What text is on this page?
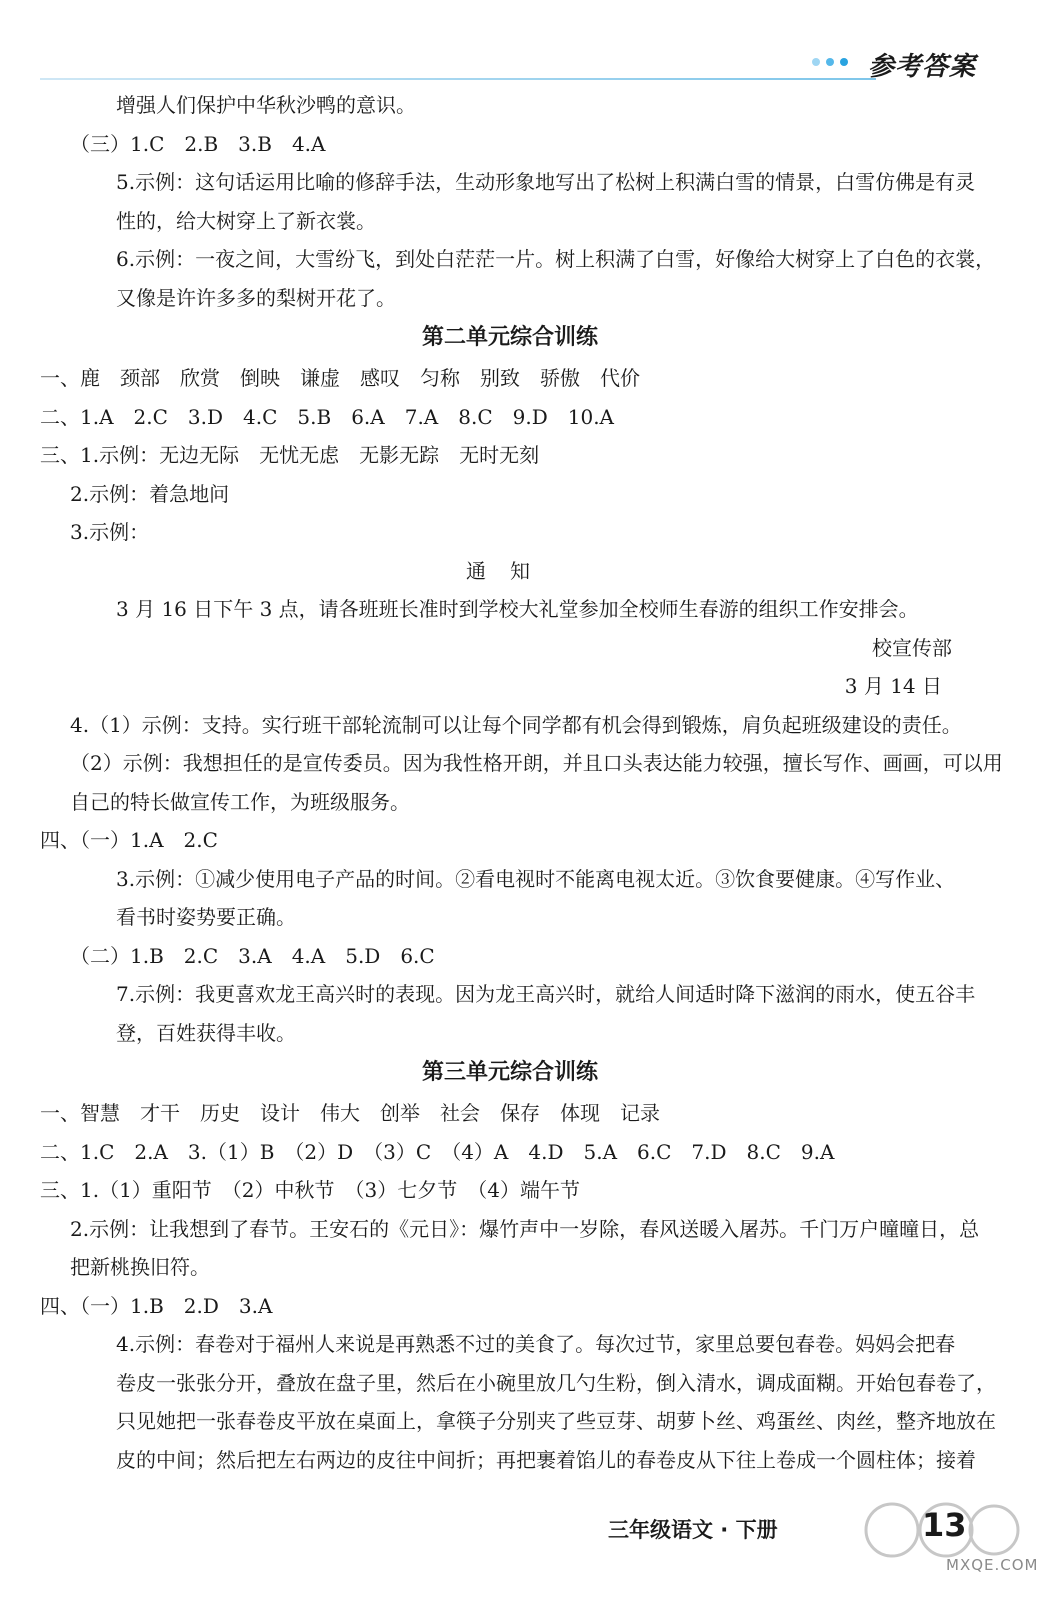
参考答案
增强人们保护中华秋沙鸭的意识。
（三）1.C　2.B　3.B　4.A
5.示例：这句话运用比喻的修辞手法，生动形象地写出了松树上积满白雪的情景，白雪仿佛是有灵
性的，给大树穿上了新衣裳。
6.示例：一夜之间，大雪纷飞，到处白茫茫一片。树上积满了白雪，好像给大树穿上了白色的衣裳，
又像是许许多多的梨树开花了。
第二单元综合训练
一、鹿　颈部　欣赏　倒映　谦虚　感叹　匀称　别致　骄傲　代价
二、1.A　2.C　3.D　4.C　5.B　6.A　7.A　8.C　9.D　10.A
三、1.示例：无边无际　无忧无虑　无影无踪　无时无刻
2.示例：着急地问
3.示例：
通知
3 月 16 日下午 3 点，请各班班长准时到学校大礼堂参加全校师生春游的组织工作安排会。
校宣传部
3 月 14 日
4.（1）示例：支持。实行班干部轮流制可以让每个同学都有机会得到锻炼，肩负起班级建设的责任。
（2）示例：我想担任的是宣传委员。因为我性格开朗，并且口头表达能力较强，擅长写作、画画，可以用
自己的特长做宣传工作，为班级服务。
四、（一）1.A　2.C
3.示例：①减少使用电子产品的时间。②看电视时不能离电视太近。③饮食要健康。④写作业、
看书时姿势要正确。
（二）1.B　2.C　3.A　4.A　5.D　6.C
7.示例：我更喜欢龙王高兴时的表现。因为龙王高兴时，就给人间适时降下滋润的雨水，使五谷丰
登，百姓获得丰收。
第三单元综合训练
一、智慧　才干　历史　设计　伟大　创举　社会　保存　体现　记录
二、1.C　2.A　3.（1）B　（2）D　（3）C　（4）A　4.D　5.A　6.C　7.D　8.C　9.A
三、1.（1）重阳节　（2）中秋节　（3）七夕节　（4）端午节
2.示例：让我想到了春节。王安石的《元日》：爆竹声中一岁除，春风送暖入屠苏。千门万户曈曈日，总
把新桃换旧符。
四、（一）1.B　2.D　3.A
4.示例：春卷对于福州人来说是再熟悉不过的美食了。每次过节，家里总要包春卷。妈妈会把春
卷皮一张张分开，叠放在盘子里，然后在小碗里放几勺生粉，倒入清水，调成面糊。开始包春卷了，
只见她把一张春卷皮平放在桌面上，拿筷子分别夹了些豆芽、胡萝卜丝、鸡蛋丝、肉丝，整齐地放在
皮的中间；然后把左右两边的皮往中间折；再把裹着馅儿的春卷皮从下往上卷成一个圆柱体；接着
三年级语文 · 下册	13
MXQE.COM
